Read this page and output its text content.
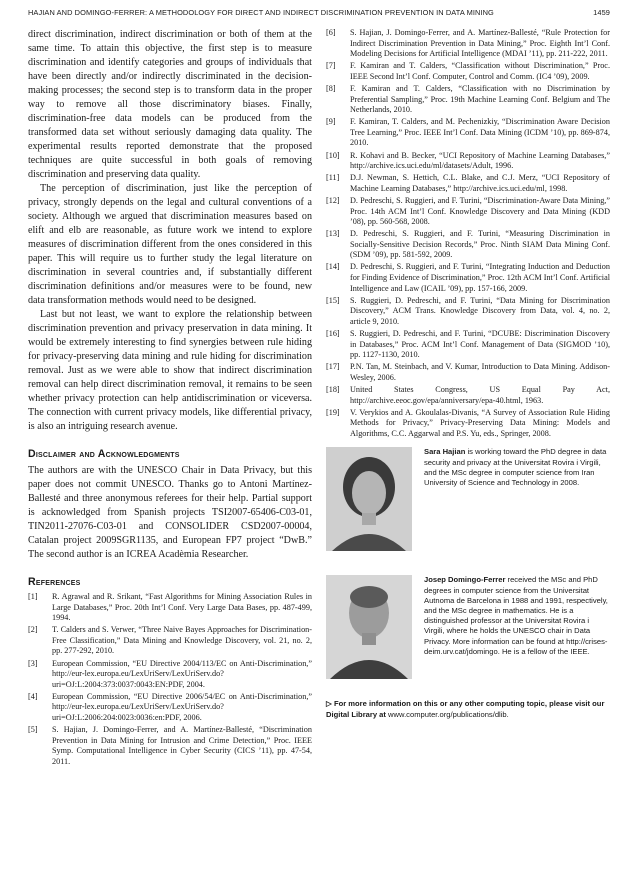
HAJIAN AND DOMINGO-FERRER: A METHODOLOGY FOR DIRECT AND INDIRECT DISCRIMINATION PREVENTION IN DATA MINING	1459

direct discrimination, indirect discrimination or both of them at the same time. To attain this objective, the first step is to measure discrimination and identify categories and groups of individuals that have been directly and/or indirectly discriminated in the decision-making processes; the second step is to transform data in the proper way to remove all those discriminatory biases. Finally, discrimination-free data models can be produced from the transformed data set without seriously damaging data quality. The experimental results reported demonstrate that the proposed techniques are quite successful in both goals of removing discrimination and preserving data quality.

The perception of discrimination, just like the perception of privacy, strongly depends on the legal and cultural conventions of a society. Although we argued that discrimination measures based on elift and elb are reasonable, as future work we intend to explore measures of discrimination different from the ones considered in this paper. This will require us to further study the legal literature on discrimination in several countries and, if substantially different discrimination definitions and/or measures were to be found, new data transformation methods would need to be designed.

Last but not least, we want to explore the relationship between discrimination prevention and privacy preservation in data mining. It would be extremely interesting to find synergies between rule hiding for privacy-preserving data mining and rule hiding for discrimination removal. Just as we were able to show that indirect discrimination removal can help direct discrimination removal, it remains to be seen whether privacy protection can help antidiscrimination or viceversa. The connection with current privacy models, like differential privacy, is also an intriguing research avenue.

Disclaimer and Acknowledgments

The authors are with the UNESCO Chair in Data Privacy, but this paper does not commit UNESCO. Thanks go to Antoni Martínez-Ballesté and three anonymous referees for their help. Partial support is acknowledged from Spanish projects TSI2007-65406-C03-01, TIN2011-27076-C03-01 and CONSOLIDER CSD2007-00004, Catalan project 2009SGR1135, and European FP7 project “DwB.” The second author is an ICREA Acadèmia Researcher.

References
[1] R. Agrawal and R. Srikant, “Fast Algorithms for Mining Association Rules in Large Databases,” Proc. 20th Int’l Conf. Very Large Data Bases, pp. 487-499, 1994.
[2] T. Calders and S. Verwer, “Three Naive Bayes Approaches for Discrimination-Free Classification,” Data Mining and Knowledge Discovery, vol. 21, no. 2, pp. 277-292, 2010.
[3] European Commission, “EU Directive 2004/113/EC on Anti-Discrimination,” http://eur-lex.europa.eu/LexUriServ/LexUriServ.do?uri=OJ:L:2004:373:0037:0043:EN:PDF, 2004.
[4] European Commission, “EU Directive 2006/54/EC on Anti-Discrimination,” http://eur-lex.europa.eu/LexUriServ/LexUriServ.do?uri=OJ:L:2006:204:0023:0036:en:PDF, 2006.
[5] S. Hajian, J. Domingo-Ferrer, and A. Martínez-Ballesté, “Discrimination Prevention in Data Mining for Intrusion and Crime Detection,” Proc. IEEE Symp. Computational Intelligence in Cyber Security (CICS ’11), pp. 47-54, 2011.
[6] S. Hajian, J. Domingo-Ferrer, and A. Martínez-Ballesté, “Rule Protection for Indirect Discrimination Prevention in Data Mining,” Proc. Eighth Int’l Conf. Modeling Decisions for Artificial Intelligence (MDAI ’11), pp. 211-222, 2011.
[7] F. Kamiran and T. Calders, “Classification without Discrimination,” Proc. IEEE Second Int’l Conf. Computer, Control and Comm. (IC4 ’09), 2009.
[8] F. Kamiran and T. Calders, “Classification with no Discrimination by Preferential Sampling,” Proc. 19th Machine Learning Conf. Belgium and The Netherlands, 2010.
[9] F. Kamiran, T. Calders, and M. Pechenizkiy, “Discrimination Aware Decision Tree Learning,” Proc. IEEE Int’l Conf. Data Mining (ICDM ’10), pp. 869-874, 2010.
[10] R. Kohavi and B. Becker, “UCI Repository of Machine Learning Databases,” http://archive.ics.uci.edu/ml/datasets/Adult, 1996.
[11] D.J. Newman, S. Hettich, C.L. Blake, and C.J. Merz, “UCI Repository of Machine Learning Databases,” http://archive.ics.uci.edu/ml, 1998.
[12] D. Pedreschi, S. Ruggieri, and F. Turini, “Discrimination-Aware Data Mining,” Proc. 14th ACM Int’l Conf. Knowledge Discovery and Data Mining (KDD ’08), pp. 560-568, 2008.
[13] D. Pedreschi, S. Ruggieri, and F. Turini, “Measuring Discrimination in Socially-Sensitive Decision Records,” Proc. Ninth SIAM Data Mining Conf. (SDM ’09), pp. 581-592, 2009.
[14] D. Pedreschi, S. Ruggieri, and F. Turini, “Integrating Induction and Deduction for Finding Evidence of Discrimination,” Proc. 12th ACM Int’l Conf. Artificial Intelligence and Law (ICAIL ’09), pp. 157-166, 2009.
[15] S. Ruggieri, D. Pedreschi, and F. Turini, “Data Mining for Discrimination Discovery,” ACM Trans. Knowledge Discovery from Data, vol. 4, no. 2, article 9, 2010.
[16] S. Ruggieri, D. Pedreschi, and F. Turini, “DCUBE: Discrimination Discovery in Databases,” Proc. ACM Int’l Conf. Management of Data (SIGMOD ’10), pp. 1127-1130, 2010.
[17] P.N. Tan, M. Steinbach, and V. Kumar, Introduction to Data Mining. Addison-Wesley, 2006.
[18] United States Congress, US Equal Pay Act, http://archive.eeoc.gov/epa/anniversary/epa-40.html, 1963.
[19] V. Verykios and A. Gkoulalas-Divanis, “A Survey of Association Rule Hiding Methods for Privacy,” Privacy-Preserving Data Mining: Models and Algorithms, C.C. Aggarwal and P.S. Yu, eds., Springer, 2008.
Sara Hajian is working toward the PhD degree in data security and privacy at the Universitat Rovira i Virgili, and the MSc degree in computer science from Iran University of Science and Technology in 2008.
Josep Domingo-Ferrer received the MSc and PhD degrees in computer science from the Universitat Autnoma de Barcelona in 1988 and 1991, respectively, and the MSc degree in mathematics. He is a distinguished professor at the Universitat Rovira i Virgili, where he holds the UNESCO chair in Data Privacy. More information can be found at http://crises-deim.urv.cat/jdomingo. He is a fellow of the IEEE.
▷ For more information on this or any other computing topic, please visit our Digital Library at www.computer.org/publications/dlib.
